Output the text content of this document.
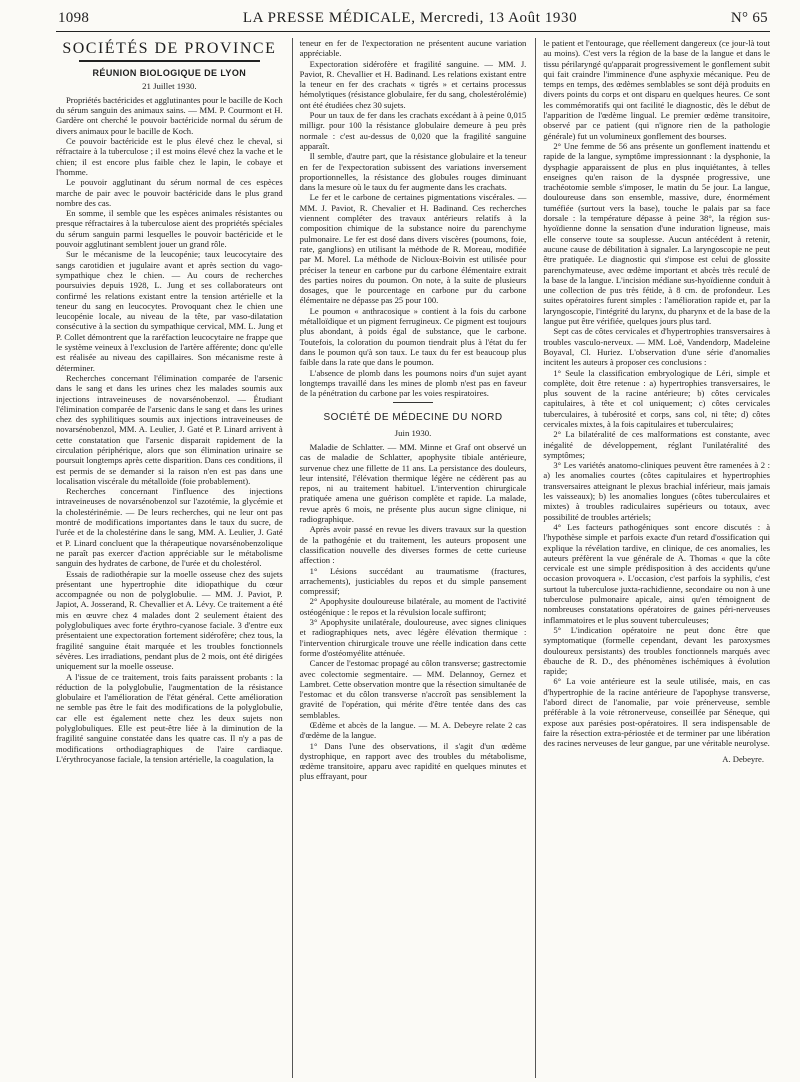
1098	LA PRESSE MÉDICALE, Mercredi, 13 Août 1930	N° 65
SOCIÉTÉS DE PROVINCE
RÉUNION BIOLOGIQUE DE LYON
21 Juillet 1930.

Propriétés bactéricides et agglutinantes pour le bacille de Koch du sérum sanguin des animaux sains. — MM. P. Courmont et H. Gardère ont cherché le pouvoir bactéricide normal du sérum de divers animaux pour le bacille de Koch.

Ce pouvoir bactéricide est le plus élevé chez le cheval, si réfractaire à la tuberculose ; il est moins élevé chez la vache et le chien; il est encore plus faible chez le lapin, le cobaye et l'homme.

Le pouvoir agglutinant du sérum normal de ces espèces marche de pair avec le pouvoir bactéricide dans le plus grand nombre des cas.

En somme, il semble que les espèces animales résistantes ou presque réfractaires à la tuberculose aient des propriétés spéciales du sérum sanguin parmi lesquelles le pouvoir bactéricide et le pouvoir agglutinant semblent jouer un grand rôle.

Sur le mécanisme de la leucopénie; taux leucocytaire des sangs carotidien et jugulaire avant et après section du vago-sympathique chez le chien. — Au cours de recherches poursuivies depuis 1928, L. Jung et ses collaborateurs ont confirmé les relations existant entre la tension artérielle et la teneur du sang en leucocytes. Provoquant chez le chien une leucopénie locale, au niveau de la tête, par vaso-dilatation consécutive à la section du sympathique cervical, MM. L. Jung et P. Collet démontrent que la raréfaction leucocytaire ne frappe que le système veineux à l'exclusion de l'artère afférente; donc qu'elle est réalisée au niveau des capillaires. Son mécanisme reste à déterminer.

Recherches concernant l'élimination comparée de l'arsenic dans le sang et dans les urines chez les malades soumis aux injections intraveineuses de novarsénobenzol. — Étudiant l'élimination comparée de l'arsenic dans le sang et dans les urines chez des syphilitiques soumis aux injections intraveineuses de novarsénobenzol, MM. A. Leulier, J. Gaté et P. Linard arrivent à cette constatation que l'arsenic disparait rapidement de la circulation périphérique, alors que son élimination urinaire se poursuit longtemps après cette disparition. Dans ces conditions, il est permis de se demander si la raison n'en est pas dans une localisation viscérale du métalloïde (foie probablement).

Recherches concernant l'influence des injections intraveineuses de novarsénobenzol sur l'azotémie, la glycémie et la cholestérinémie. — De leurs recherches, qui ne leur ont pas montré de modifications importantes dans le taux du sucre, de l'urée et de la cholestérine dans le sang, MM. A. Leulier, J. Gaté et P. Linard concluent que la thérapeutique novarsénobenzolique ne paraît pas exercer d'action appréciable sur le métabolisme sanguin des hydrates de carbone, de l'urée et du cholestérol.

Essais de radiothérapie sur la moelle osseuse chez des sujets présentant une hypertrophie dite idiopathique du cœur accompagnée ou non de polyglobulie. — MM. J. Paviot, P. Japiot, A. Josserand, R. Chevallier et A. Lévy. Ce traitement a été mis en œuvre chez 4 malades dont 2 seulement étaient des polyglobuliques avec forte érythro-cyanose faciale. 3 d'entre eux présentaient une expectoration fortement sidérofère; chez tous, la fragilité sanguine était marquée et les troubles fonctionnels sévères. Les irradiations, pendant plus de 2 mois, ont été dirigées uniquement sur la moelle osseuse.

A l'issue de ce traitement, trois faits paraissent probants : la réduction de la polyglobulie, l'augmentation de la résistance globulaire et l'amélioration de l'état général. Cette amélioration ne semble pas être le fait des modifications de la polyglobulie, car elle est également nette chez les deux sujets non polyglobuliques. Elle est peut-être liée à la diminution de la fragilité sanguine constatée dans les quatre cas. Il n'y a pas de modifications orthodiagraphiques de l'aire cardiaque. L'érythrocyanose faciale, la tension artérielle, la coagulation, la

teneur en fer de l'expectoration ne présentent aucune variation appréciable.

Expectoration sidérofère et fragilité sanguine. — MM. J. Paviot, R. Chevallier et H. Badinand. Les relations existant entre la teneur en fer des crachats « tigrés » et certains processus hémolytiques (résistance globulaire, fer du sang, cholestérolémie) ont été étudiées chez 30 sujets.

Pour un taux de fer dans les crachats excédant à à peine 0,015 milligr. pour 100 la résistance globulaire demeure à peu près normale : c'est au-dessus de 0,020 que la fragilité sanguine apparaît.

Il semble, d'autre part, que la résistance globulaire et la teneur en fer de l'expectoration subissent des variations inversement proportionnelles, la résistance des globules rouges diminuant dans la mesure où le taux du fer augmente dans les crachats.

Le fer et le carbone de certaines pigmentations viscérales. — MM. J. Paviot, R. Chevalier et H. Badinand. Ces recherches viennent compléter des travaux antérieurs relatifs à la composition chimique de la substance noire du parenchyme pulmonaire. Le fer est dosé dans divers viscères (poumons, foie, rate, ganglions) en utilisant la méthode de R. Moreau, modifiée par M. Morel. La méthode de Nicloux-Boivin est utilisée pour préciser la teneur en carbone pur du carbone élémentaire extrait des parties noires du poumon. On note, à la suite de plusieurs dosages, que le pourcentage en carbone pur du carbone élémentaire ne dépasse pas 25 pour 100.

Le poumon « anthracosique » contient à la fois du carbone métalloïdique et un pigment ferrugineux. Ce pigment est toujours plus abondant, à poids égal de substance, que le carbone. Toutefois, la coloration du poumon tiendrait plus à l'état du fer dans le poumon qu'à son taux. Le taux du fer est beaucoup plus faible dans la rate que dans le poumon.

L'absence de plomb dans les poumons noirs d'un sujet ayant longtemps travaillé dans les mines de plomb n'est pas en faveur de la pénétration du carbone par les voies respiratoires.

SOCIÉTÉ DE MÉDECINE DU NORD
Juin 1930.

Maladie de Schlatter. — MM. Minne et Graf ont observé un cas de maladie de Schlatter, apophysite tibiale antérieure, survenue chez une fillette de 11 ans. La persistance des douleurs, leur intensité, l'élévation thermique légère ne cédèrent pas au repos, ni au traitement habituel. L'intervention chirurgicale pratiquée amena une guérison complète et rapide. La malade, revue après 6 mois, ne présente plus aucun signe clinique, ni radiographique.

Après avoir passé en revue les divers travaux sur la question de la pathogénie et du traitement, les auteurs proposent une classification nouvelle des diverses formes de cette curieuse affection :

1° Lésions succédant au traumatisme (fractures, arrachements), justiciables du repos et du simple pansement compressif;

2° Apophysite douloureuse bilatérale, au moment de l'activité ostéogénique : le repos et la révulsion locale suffiront;

3° Apophysite unilatérale, douloureuse, avec signes cliniques et radiographiques nets, avec légère élévation thermique : l'intervention chirurgicale trouve une réelle indication dans cette forme d'ostéomyélite atténuée.

Cancer de l'estomac propagé au côlon transverse; gastrectomie avec colectomie segmentaire. — MM. Delannoy, Gernez et Lambret. Cette observation montre que la résection simultanée de l'estomac et du côlon transverse n'accroît pas sensiblement la gravité de l'opération, qui mérite d'être tentée dans des cas semblables.

Œdème et abcès de la langue. — M. A. Debeyre relate 2 cas d'œdème de la langue.

1° Dans l'une des observations, il s'agit d'un œdème dystrophique, en rapport avec des troubles du métabolisme, œdème transitoire, apparu avec rapidité en quelques minutes et plus effrayant, pour

le patient et l'entourage, que réellement dangereux (ce jour-là tout au moins). C'est vers la région de la base de la langue et dans le tissu périlaryngé qu'apparait progressivement le gonflement subit qui fait craindre l'imminence d'une asphyxie mécanique. Peu de temps en temps, des œdèmes semblables se sont déjà produits en divers points du corps et ont disparu en quelques heures. Ce sont les commémoratifs qui ont facilité le diagnostic, dès le début de l'apparition de l'œdème lingual. Le premier œdème transitoire, observé par ce patient (qui n'ignore rien de la pathologie générale) fut un volumineux gonflement des bourses.

2° Une femme de 56 ans présente un gonflement inattendu et rapide de la langue, symptôme impressionnant : la dysphonie, la dysphagie apparaissent de plus en plus inquiétantes, à telles enseignes qu'en raison de la dyspnée progressive, une trachéotomie semble s'imposer, le matin du 5e jour. La langue, douloureuse dans son ensemble, massive, dure, énormément tuméfiée (surtout vers la base), touche le palais par sa face dorsale : la température dépasse à peine 38°, la région sus-hyoïdienne donne la sensation d'une induration ligneuse, mais elle conserve toute sa souplesse. Aucun antécédent à retenir, aucune cause de débilitation à signaler. La laryngoscopie ne peut être pratiquée. Le diagnostic qui s'impose est celui de glossite parenchymateuse, avec œdème important et abcès très reculé de la base de la langue. L'incision médiane sus-hyoïdienne conduit à une collection de pus très fétide, à 8 cm. de profondeur. Les suites opératoires furent simples : l'amélioration rapide et, par la laryngoscopie, l'intégrité du larynx, du pharynx et de la base de la langue put être vérifiée, quelques jours plus tard.

Sept cas de côtes cervicales et d'hypertrophies transversaires à troubles vasculo-nerveux. — MM. Loë, Vandendorp, Madeleine Boyaval, Cl. Huriez. L'observation d'une série d'anomalies incitent les auteurs à proposer ces conclusions :

1° Seule la classification embryologique de Léri, simple et complète, doit être retenue : a) hypertrophies transversaires, le plus souvent de la racine antérieure; b) côtes cervicales capitulaires, à tête et col uniquement; c) côtes cervicales tuberculaires, à tubérosité et corps, sans col, ni tête; d) côtes cervicales mixtes, à la fois capitulaires et tuberculaires;

2° La bilatéralité de ces malformations est constante, avec inégalité de développement, réglant l'unilatéralité des symptômes;

3° Les variétés anatomo-cliniques peuvent être ramenées à 2 : a) les anomalies courtes (côtes capitulaires et hypertrophies transversaires atteignant le plexus brachial inférieur, mais jamais les vaisseaux); b) les anomalies longues (côtes tuberculaires et mixtes) à troubles radiculaires supérieurs ou totaux, avec possibilité de troubles artériels;

4° Les facteurs pathogéniques sont encore discutés : à l'hypothèse simple et parfois exacte d'un retard d'ossification qui explique la révélation tardive, en clinique, de ces anomalies, les auteurs préfèrent la vue générale de A. Thomas « que la côte cervicale est une simple prédisposition à des accidents qu'une occasion provoquera ». L'occasion, c'est parfois la syphilis, c'est surtout la tuberculose juxta-rachidienne, secondaire ou non à une tuberculose pulmonaire apicale, ainsi qu'en témoignent de nombreuses constatations opératoires de gaines péri-nerveuses inflammatoires et le plus souvent tuberculeuses;

5° L'indication opératoire ne peut donc être que symptomatique (formelle cependant, devant les paroxysmes douloureux persistants) des troubles fonctionnels marqués avec ébauche de R. D., des phénomènes ischémiques à évolution rapide;

6° La voie antérieure est la seule utilisée, mais, en cas d'hypertrophie de la racine antérieure de l'apophyse transverse, l'abord direct de l'anomalie, par voie prénerveuse, semble préférable à la voie rétronerveuse, conseillée par Séneque, qui expose aux parésies post-opératoires. Il sera indispensable de faire la résection extra-périostée et de terminer par une libération des racines nerveuses de leur gangue, par une véritable neurolyse.

A. Debeyre.
